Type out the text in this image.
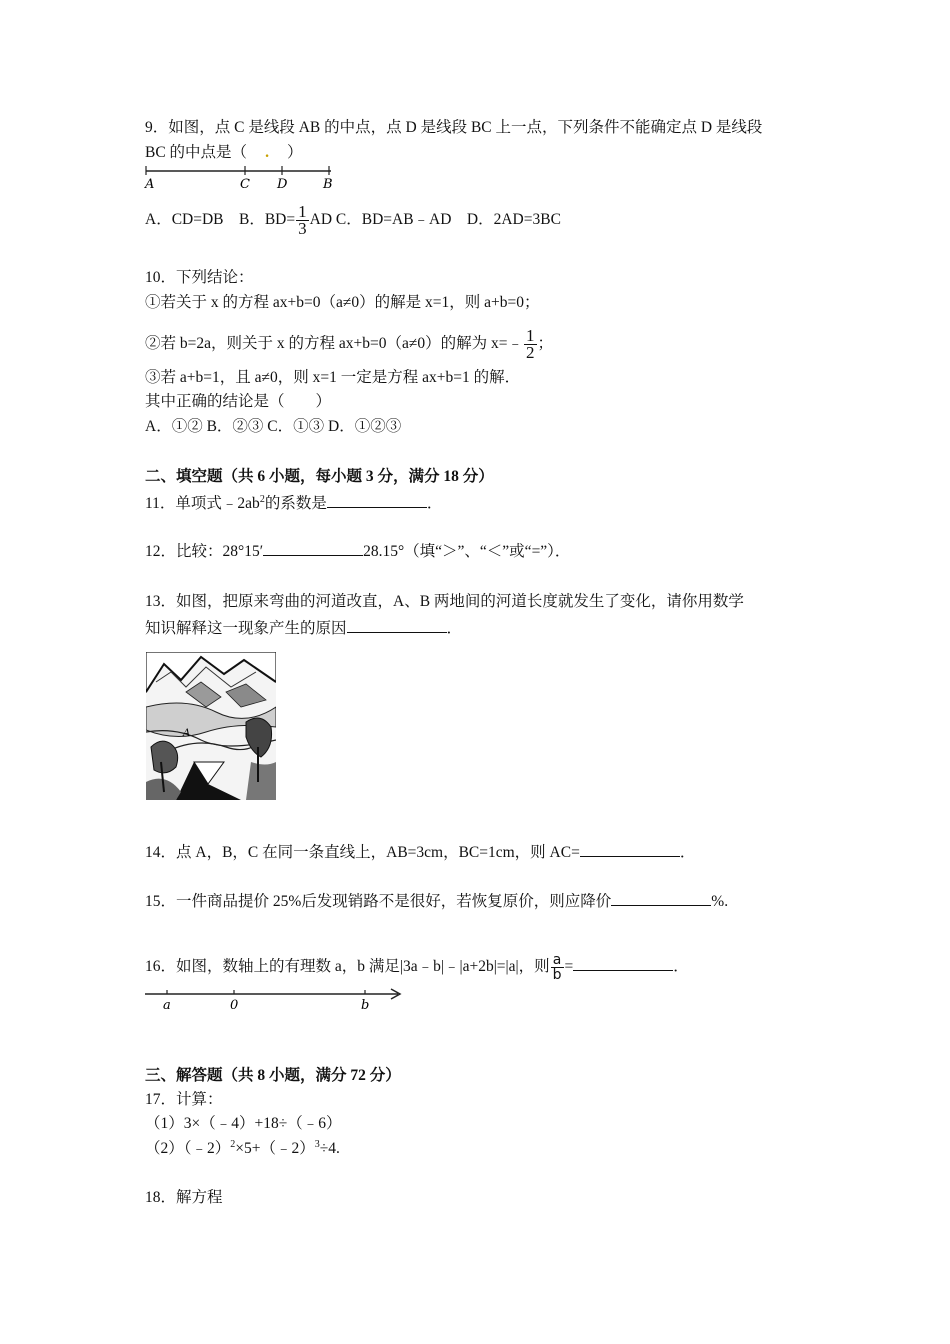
9．如图，点 C 是线段 AB 的中点，点 D 是线段 BC 上一点，下列条件不能确定点 D 是线段
BC 的中点是（ . ）
A	C D	B
A．CD=DB　B．$BD= \frac{1}{3}$ AD C．BD=AB﹣AD　D．2AD=3BC
10．下列结论：
①若关于 x 的方程 ax+b=0（a≠0）的解是 x=1，则 a+b=0；
②若 b=2a，则关于 x 的方程 ax+b=0（a≠0）的解为 x=﹣ $\frac{1}{2}$ ；
③若 a+b=1，且 a≠0，则 x=1 一定是方程 ax+b=1 的解．
其中正确的结论是（　　）
A．①② B．②③ C．①③ D．①②③
二、填空题（共 6 小题，每小题 3 分，满分 18 分）
11．单项式$﹣2ab^2$的系数是	．
12．比较：28°15′	28.15°（填“＞”、“＜”或“=”）．
13．如图，把原来弯曲的河道改直，A、B 两地间的河道长度就发生了变化，请你用数学
知识解释这一现象产生的原因	．
A
14．点 A，B，C 在同一条直线上，AB=3cm，BC=1cm，则 AC=	．
15．一件商品提价 25%后发现销路不是很好，若恢复原价，则应降价	%.
16．如图，数轴上的有理数 a，b 满足|3a﹣b|﹣|a+2b|=|a|，则 $\frac{a}{b}$ =	．
a	0	b
三、解答题（共 8 小题，满分 72 分）
17．计算：
（1）3×（﹣4）+18÷（﹣6）
（2）（﹣2）$^2$×5+（﹣2）$^3$÷4.
18．解方程
